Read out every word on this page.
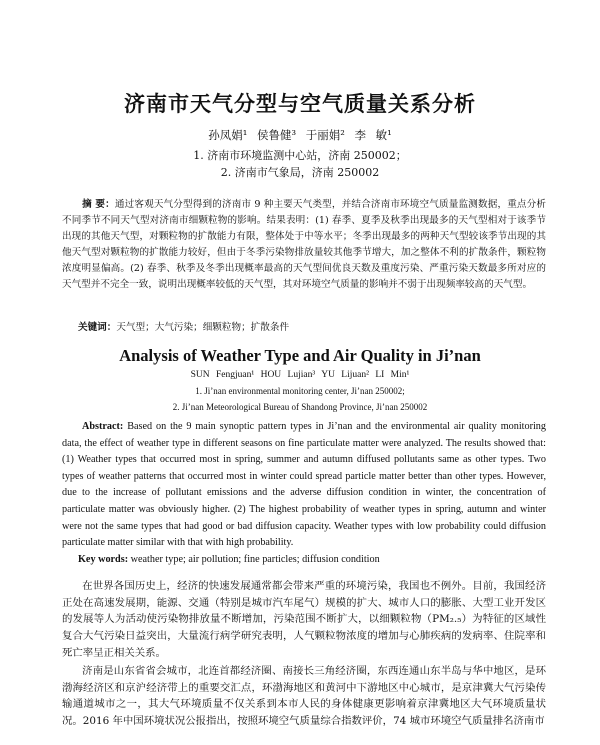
济南市天气分型与空气质量关系分析
孙凤娟¹ 侯鲁健³ 于丽娟² 李 敏¹
1. 济南市环境监测中心站，济南 250002；
2. 济南市气象局，济南 250002
摘 要：通过客观天气分型得到的济南市 9 种主要天气类型，并结合济南市环境空气质量监测数据，重点分析不同季节不同天气型对济南市细颗粒物的影响。结果表明：(1) 春季、夏季及秋季出现最多的天气型相对于该季节出现的其他天气型，对颗粒物的扩散能力有限，整体处于中等水平；冬季出现最多的两种天气型较该季节出现的其他天气型对颗粒物的扩散能力较好，但由于冬季污染物排放量较其他季节增大，加之整体不利的扩散条件，颗粒物浓度明显偏高。(2) 春季、秋季及冬季出现概率最高的天气型间优良天数及重度污染、严重污染天数最多所对应的天气型并不完全一致，说明出现概率较低的天气型，其对环境空气质量的影响并不弱于出现频率较高的天气型。
关键词：天气型；大气污染；细颗粒物；扩散条件
Analysis of Weather Type and Air Quality in Ji’nan
SUN Fengjuan¹ HOU Lujian³ YU Lijuan² LI Min¹
1. Ji’nan environmental monitoring center, Ji’nan 250002;
2. Ji’nan Meteorological Bureau of Shandong Province, Ji’nan 250002
Abstract: Based on the 9 main synoptic pattern types in Ji’nan and the environmental air quality monitoring data, the effect of weather type in different seasons on fine particulate matter were analyzed. The results showed that: (1) Weather types that occurred most in spring, summer and autumn diffused pollutants same as other types. Two types of weather patterns that occurred most in winter could spread particle matter better than other types. However, due to the increase of pollutant emissions and the adverse diffusion condition in winter, the concentration of particulate matter was obviously higher. (2) The highest probability of weather types in spring, autumn and winter were not the same types that had good or bad diffusion capacity. Weather types with low probability could diffusion particulate matter similar with that with high probability.
Key words: weather type; air pollution; fine particles; diffusion condition
在世界各国历史上，经济的快速发展通常都会带来严重的环境污染，我国也不例外。目前，我国经济正处在高速发展期，能源、交通（特别是城市汽车尾气）规模的扩大、城市人口的膨胀、大型工业开发区的发展等人为活动使污染物排放量不断增加，污染范围不断扩大，以细颗粒物（PM₂.₅）为特征的区域性复合大气污染日益突出，大量流行病学研究表明，人气颗粒物浓度的增加与心肺疾病的发病率、住院率和死亡率呈正相关关系。
济南是山东省省会城市，北连首都经济圈、南接长三角经济圈，东西连通山东半岛与华中地区，是环渤海经济区和京沪经济带上的重要交汇点，环渤海地区和黄河中下游地区中心城市，是京津冀大气污染传输通道城市之一，其大气环境质量不仅关系到本市人民的身体健康更影响着京津冀地区大气环境质量状况。2016 年中国环境状况公报指出，按照环境空气质量综合指数评价，74 城市环境空气质量排名济南市
